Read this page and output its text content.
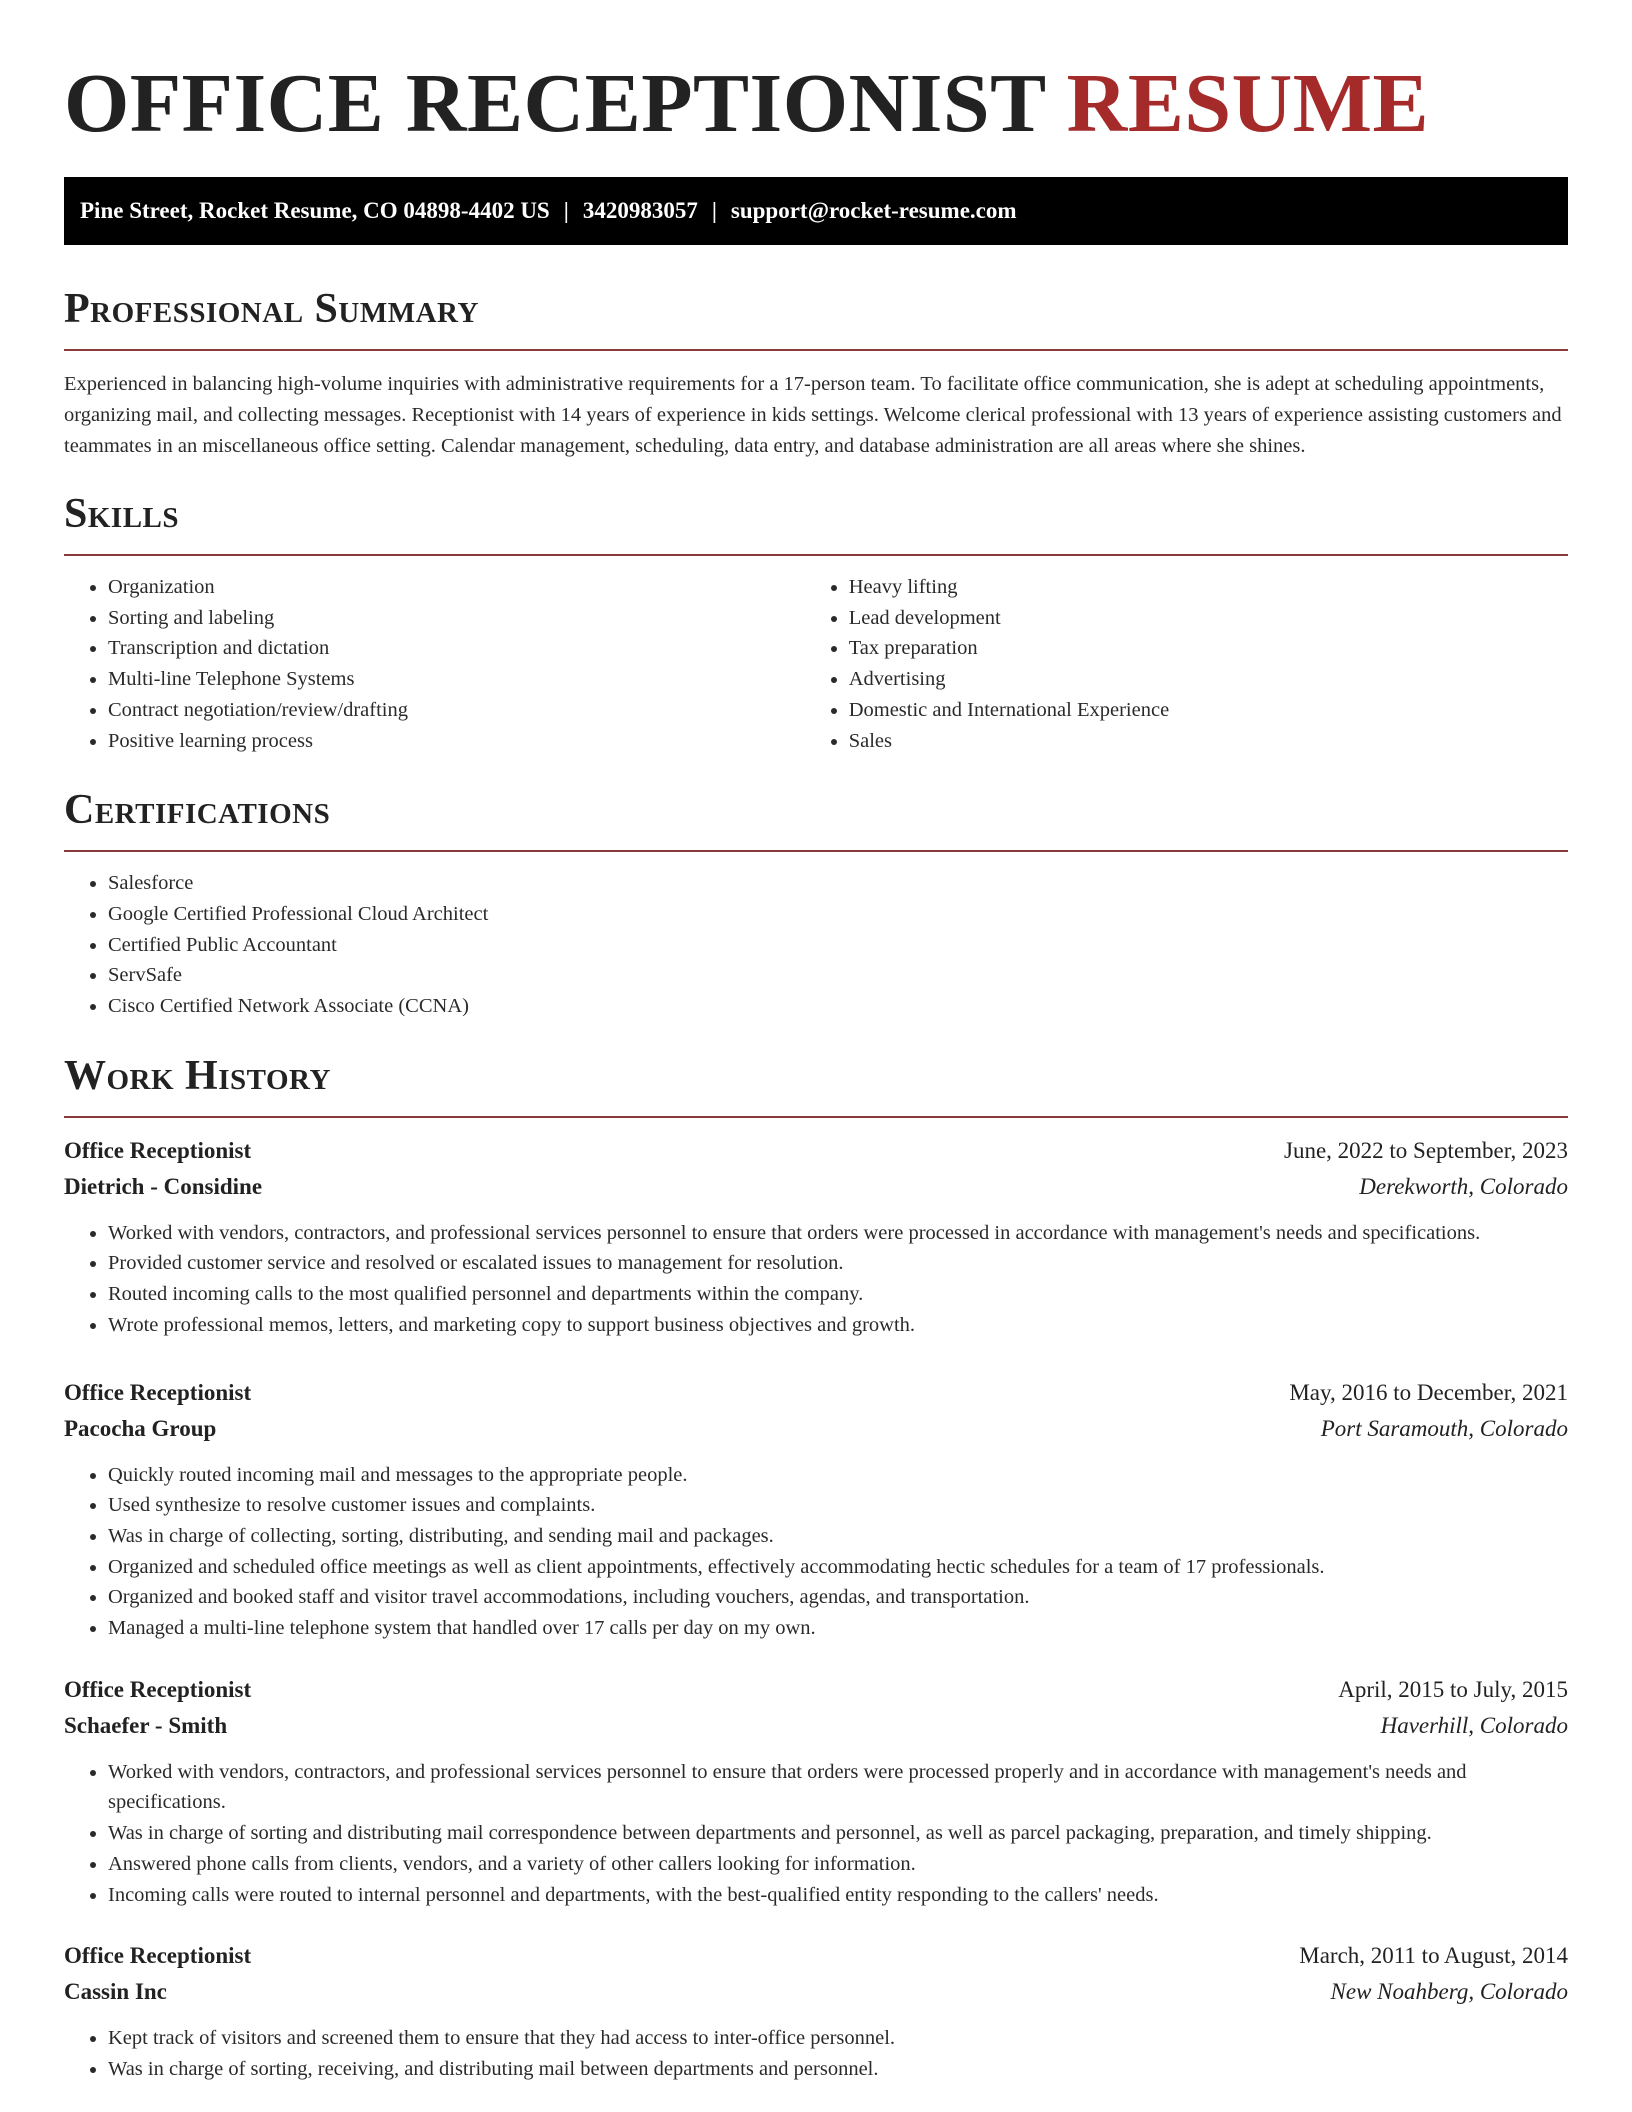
OFFICE RECEPTIONIST RESUME
Pine Street, Rocket Resume, CO 04898-4402 US | 3420983057 | support@rocket-resume.com
Professional Summary

Experienced in balancing high-volume inquiries with administrative requirements for a 17-person team. To facilitate office communication, she is adept at scheduling appointments, organizing mail, and collecting messages. Receptionist with 14 years of experience in kids settings. Welcome clerical professional with 13 years of experience assisting customers and teammates in an miscellaneous office setting. Calendar management, scheduling, data entry, and database administration are all areas where she shines.

Skills
• Organization
• Sorting and labeling
• Transcription and dictation
• Multi-line Telephone Systems
• Contract negotiation/review/drafting
• Positive learning process
• Heavy lifting
• Lead development
• Tax preparation
• Advertising
• Domestic and International Experience
• Sales
Certifications
• Salesforce
• Google Certified Professional Cloud Architect
• Certified Public Accountant
• ServSafe
• Cisco Certified Network Associate (CCNA)
Work History
Office Receptionist	June, 2022 to September, 2023
Dietrich - Considine	Derekworth, Colorado
• Worked with vendors, contractors, and professional services personnel to ensure that orders were processed in accordance with management's needs and specifications.
• Provided customer service and resolved or escalated issues to management for resolution.
• Routed incoming calls to the most qualified personnel and departments within the company.
• Wrote professional memos, letters, and marketing copy to support business objectives and growth.
Office Receptionist	May, 2016 to December, 2021
Pacocha Group	Port Saramouth, Colorado
• Quickly routed incoming mail and messages to the appropriate people.
• Used synthesize to resolve customer issues and complaints.
• Was in charge of collecting, sorting, distributing, and sending mail and packages.
• Organized and scheduled office meetings as well as client appointments, effectively accommodating hectic schedules for a team of 17 professionals.
• Organized and booked staff and visitor travel accommodations, including vouchers, agendas, and transportation.
• Managed a multi-line telephone system that handled over 17 calls per day on my own.
Office Receptionist	April, 2015 to July, 2015
Schaefer - Smith	Haverhill, Colorado
• Worked with vendors, contractors, and professional services personnel to ensure that orders were processed properly and in accordance with management's needs and specifications.
• Was in charge of sorting and distributing mail correspondence between departments and personnel, as well as parcel packaging, preparation, and timely shipping.
• Answered phone calls from clients, vendors, and a variety of other callers looking for information.
• Incoming calls were routed to internal personnel and departments, with the best-qualified entity responding to the callers' needs.
Office Receptionist	March, 2011 to August, 2014
Cassin Inc	New Noahberg, Colorado
• Kept track of visitors and screened them to ensure that they had access to inter-office personnel.
• Was in charge of sorting, receiving, and distributing mail between departments and personnel.
